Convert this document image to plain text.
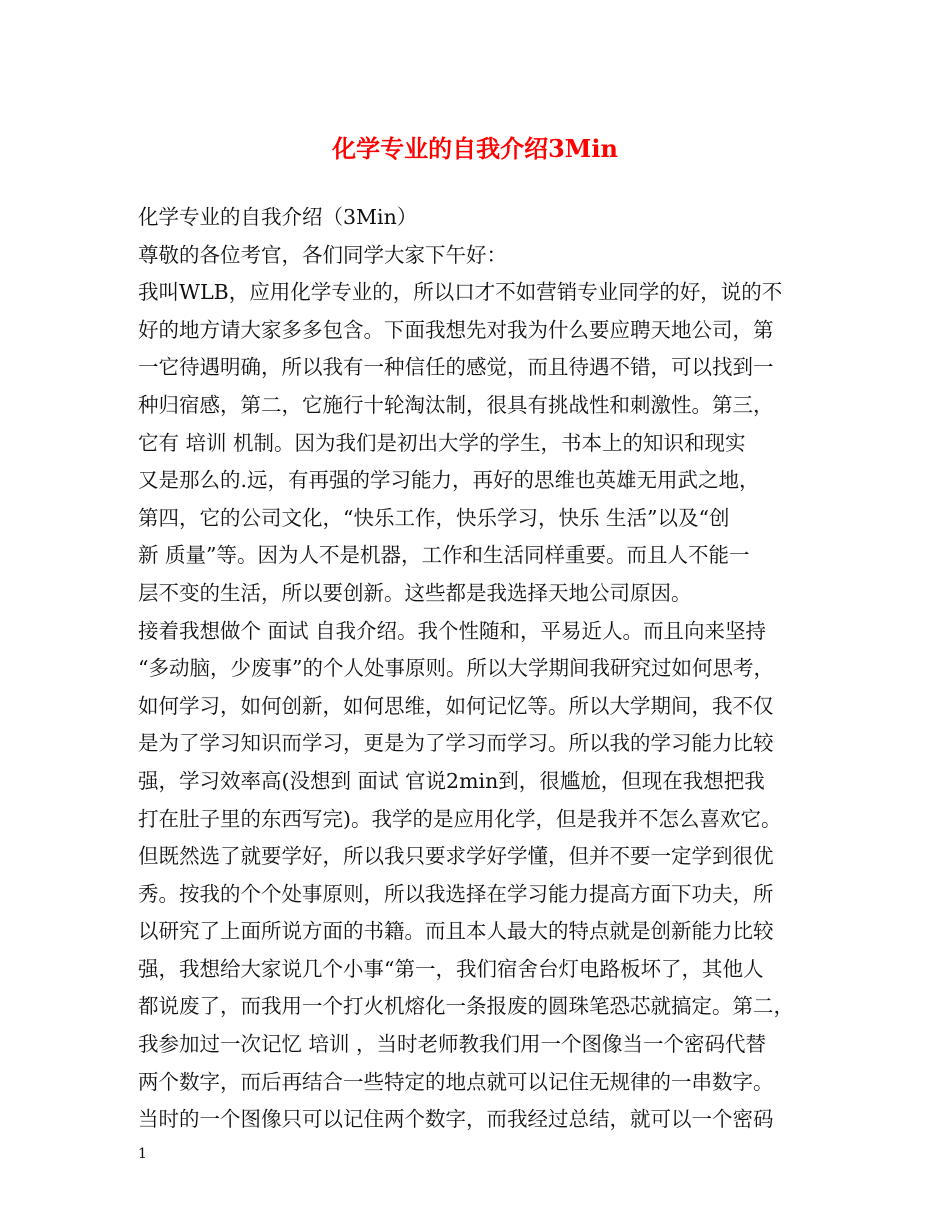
化学专业的自我介绍3Min
化学专业的自我介绍（3Min）
尊敬的各位考官，各们同学大家下午好：
我叫WLB，应用化学专业的，所以口才不如营销专业同学的好，说的不
好的地方请大家多多包含。下面我想先对我为什么要应聘天地公司，第
一它待遇明确，所以我有一种信任的感觉，而且待遇不错，可以找到一
种归宿感，第二，它施行十轮淘汰制，很具有挑战性和刺激性。第三，
它有 培训 机制。因为我们是初出大学的学生，书本上的知识和现实
又是那么的.远，有再强的学习能力，再好的思维也英雄无用武之地，
第四，它的公司文化，“快乐工作，快乐学习，快乐 生活”以及“创
新 质量”等。因为人不是机器，工作和生活同样重要。而且人不能一
层不变的生活，所以要创新。这些都是我选择天地公司原因。
接着我想做个 面试 自我介绍。我个性随和，平易近人。而且向来坚持
“多动脑，少废事”的个人处事原则。所以大学期间我研究过如何思考，
如何学习，如何创新，如何思维，如何记忆等。所以大学期间，我不仅
是为了学习知识而学习，更是为了学习而学习。所以我的学习能力比较
强，学习效率高(没想到 面试 官说2min到，很尴尬，但现在我想把我
打在肚子里的东西写完)。我学的是应用化学，但是我并不怎么喜欢它。
但既然选了就要学好，所以我只要求学好学懂，但并不要一定学到很优
秀。按我的个个处事原则，所以我选择在学习能力提高方面下功夫，所
以研究了上面所说方面的书籍。而且本人最大的特点就是创新能力比较
强，我想给大家说几个小事“第一，我们宿舍台灯电路板坏了，其他人
都说废了，而我用一个打火机熔化一条报废的圆珠笔恐芯就搞定。第二，
我参加过一次记忆 培训 ，当时老师教我们用一个图像当一个密码代替
两个数字，而后再结合一些特定的地点就可以记住无规律的一串数字。
当时的一个图像只可以记住两个数字，而我经过总结，就可以一个密码
1
